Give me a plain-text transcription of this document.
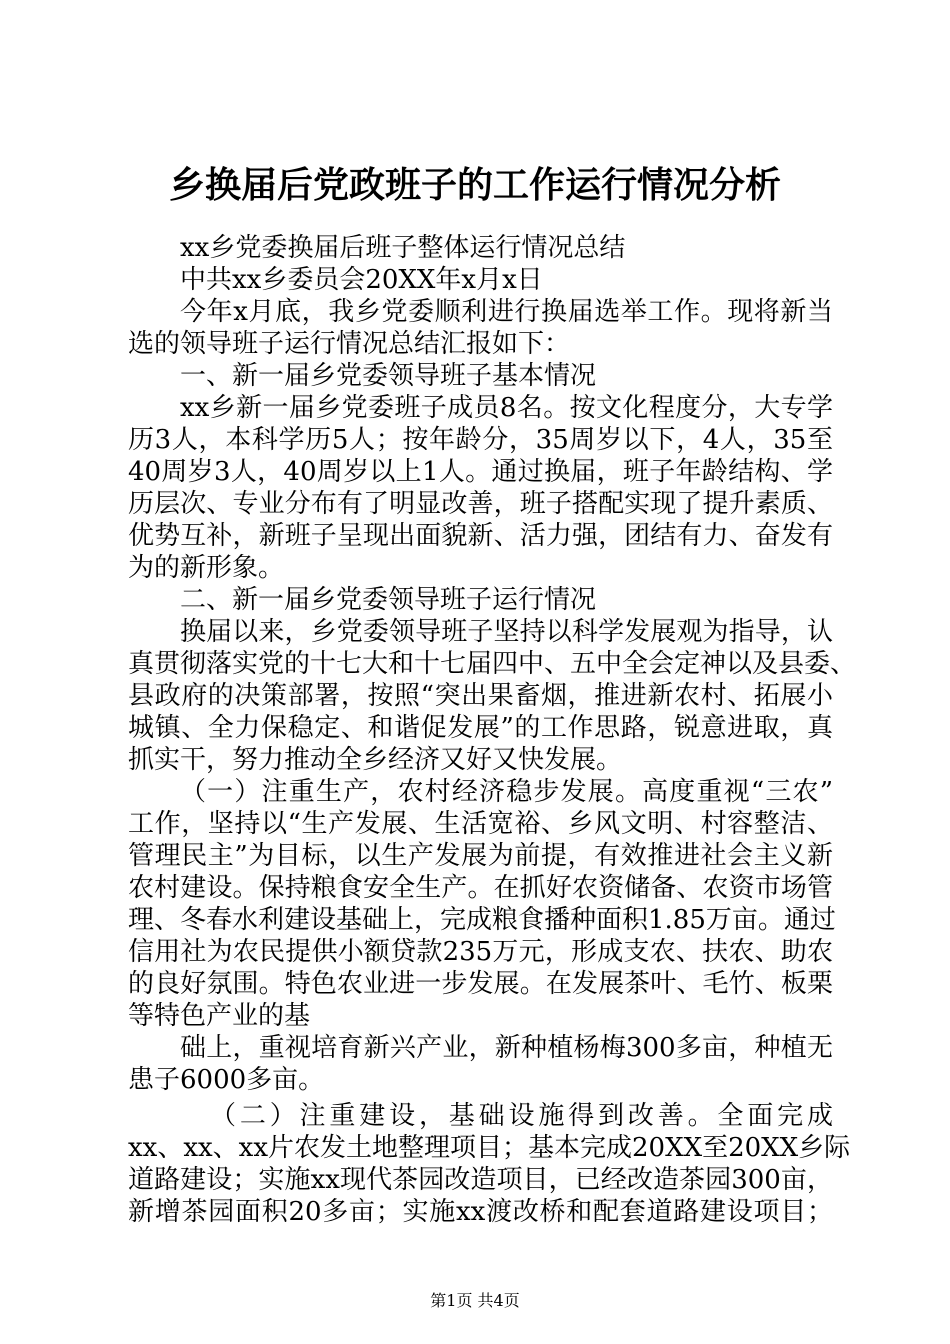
乡换届后党政班子的工作运行情况分析
xx乡党委换届后班子整体运行情况总结
中共xx乡委员会20XX年x月x日
今年x月底，我乡党委顺利进行换届选举工作。现将新当
选的领导班子运行情况总结汇报如下：
一、新一届乡党委领导班子基本情况
xx乡新一届乡党委班子成员8名。按文化程度分，大专学
历3人，本科学历5人；按年龄分，35周岁以下，4人，35至
40周岁3人，40周岁以上1人。通过换届，班子年龄结构、学
历层次、专业分布有了明显改善，班子搭配实现了提升素质、
优势互补，新班子呈现出面貌新、活力强，团结有力、奋发有
为的新形象。
二、新一届乡党委领导班子运行情况
换届以来，乡党委领导班子坚持以科学发展观为指导，认
真贯彻落实党的十七大和十七届四中、五中全会定神以及县委、
县政府的决策部署，按照“突出果畜烟，推进新农村、拓展小
城镇、全力保稳定、和谐促发展”的工作思路，锐意进取，真
抓实干，努力推动全乡经济又好又快发展。
（一）注重生产，农村经济稳步发展。高度重视“三农”
工作，坚持以“生产发展、生活宽裕、乡风文明、村容整洁、
管理民主”为目标，以生产发展为前提，有效推进社会主义新
农村建设。保持粮食安全生产。在抓好农资储备、农资市场管
理、冬春水利建设基础上，完成粮食播种面积1.85万亩。通过
信用社为农民提供小额贷款235万元，形成支农、扶农、助农
的良好氛围。特色农业进一步发展。在发展茶叶、毛竹、板栗
等特色产业的基
础上，重视培育新兴产业，新种植杨梅300多亩，种植无
患子6000多亩。
（二）注重建设，基础设施得到改善。全面完成
xx、xx、xx片农发土地整理项目；基本完成20XX至20XX乡际
道路建设；实施xx现代茶园改造项目，已经改造茶园300亩，
新增茶园面积20多亩；实施xx渡改桥和配套道路建设项目；
第1页 共4页
